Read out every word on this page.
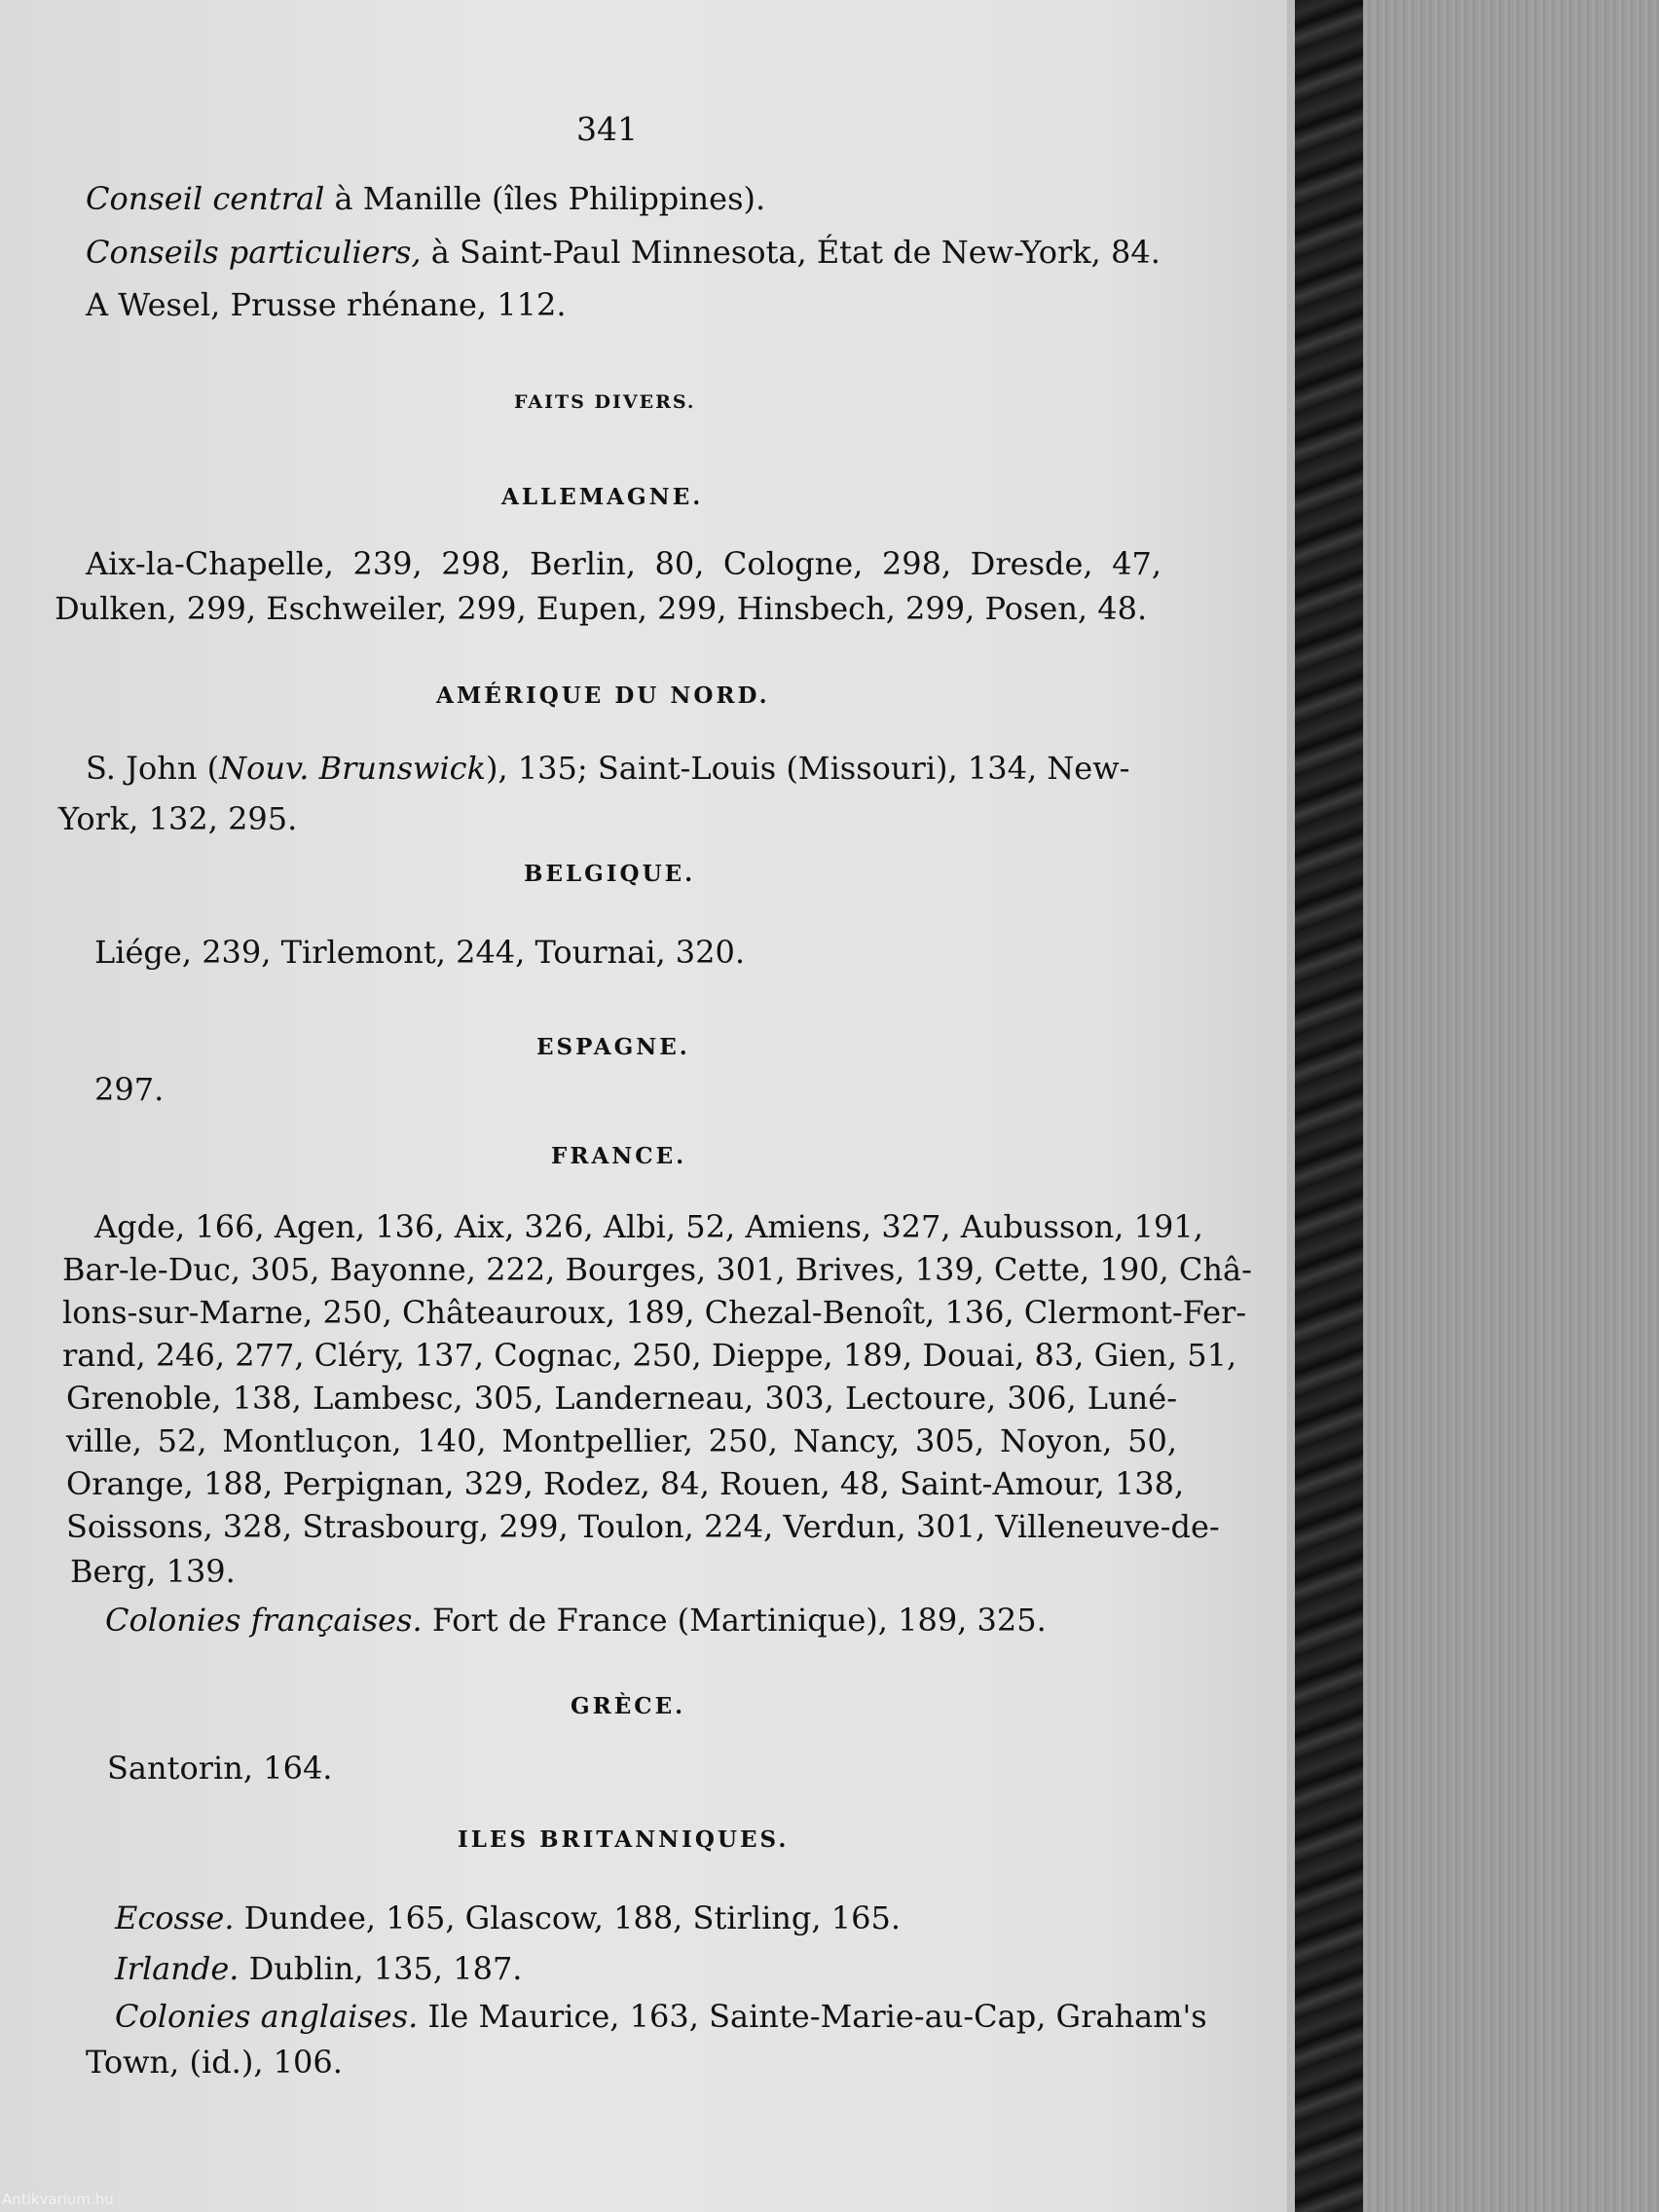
341
Conseil central à Manille (îles Philippines).
Conseils particuliers, à Saint-Paul Minnesota, État de New-York, 84.
A Wesel, Prusse rhénane, 112.
FAITS DIVERS.
ALLEMAGNE.
Aix-la-Chapelle, 239, 298, Berlin, 80, Cologne, 298, Dresde, 47,
Dulken, 299, Eschweiler, 299, Eupen, 299, Hinsbech, 299, Posen, 48.
AMÉRIQUE DU NORD.
S. John (Nouv. Brunswick), 135; Saint-Louis (Missouri), 134, New-
York, 132, 295.
BELGIQUE.
Liége, 239, Tirlemont, 244, Tournai, 320.
ESPAGNE.
297.
FRANCE.
Agde, 166, Agen, 136, Aix, 326, Albi, 52, Amiens, 327, Aubusson, 191,
Bar-le-Duc, 305, Bayonne, 222, Bourges, 301, Brives, 139, Cette, 190, Châ-
lons-sur-Marne, 250, Châteauroux, 189, Chezal-Benoît, 136, Clermont-Fer-
rand, 246, 277, Cléry, 137, Cognac, 250, Dieppe, 189, Douai, 83, Gien, 51,
Grenoble, 138, Lambesc, 305, Landerneau, 303, Lectoure, 306, Luné-
ville, 52, Montluçon, 140, Montpellier, 250, Nancy, 305, Noyon, 50,
Orange, 188, Perpignan, 329, Rodez, 84, Rouen, 48, Saint-Amour, 138,
Soissons, 328, Strasbourg, 299, Toulon, 224, Verdun, 301, Villeneuve-de-
Berg, 139.
Colonies françaises. Fort de France (Martinique), 189, 325.
GRÈCE.
Santorin, 164.
ILES BRITANNIQUES.
Ecosse. Dundee, 165, Glascow, 188, Stirling, 165.
Irlande. Dublin, 135, 187.
Colonies anglaises. Ile Maurice, 163, Sainte-Marie-au-Cap, Graham's
Town, (id.), 106.
Antikvarium.hu
